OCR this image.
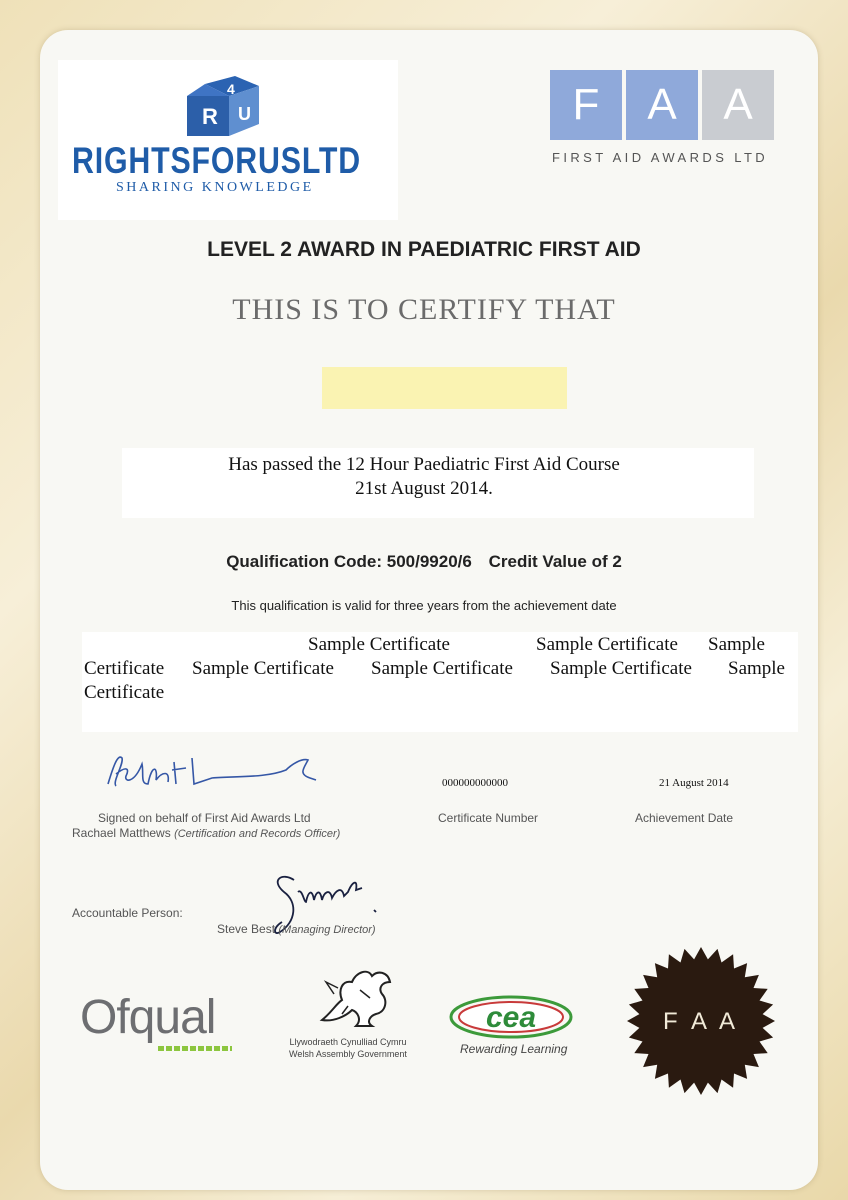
R
4
U
RIGHTSFORUSLTD
SHARING KNOWLEDGE
F	A	A
FIRST AID AWARDS LTD
LEVEL 2 AWARD IN PAEDIATRIC FIRST AID
THIS IS TO CERTIFY THAT
Has passed the 12 Hour Paediatric First Aid Course
21st August 2014.
Qualification Code: 500/9920/6 Credit Value of 2
This qualification is valid for three years from the achievement date
Sample Certificate	Sample Certificate Sample
Certificate Sample Certificate Sample Certificate Sample Certificate Sample
Certificate
Signed on behalf of First Aid Awards Ltd
Rachael Matthews (Certification and Records Officer)
000000000000
Certificate Number
21 August 2014
Achievement Date
Accountable Person:
Steve Best (Managing Director)
Ofqual	Llywodraeth Cynulliad Cymru
Welsh Assembly Government
cea
Rewarding Learning
F A A
